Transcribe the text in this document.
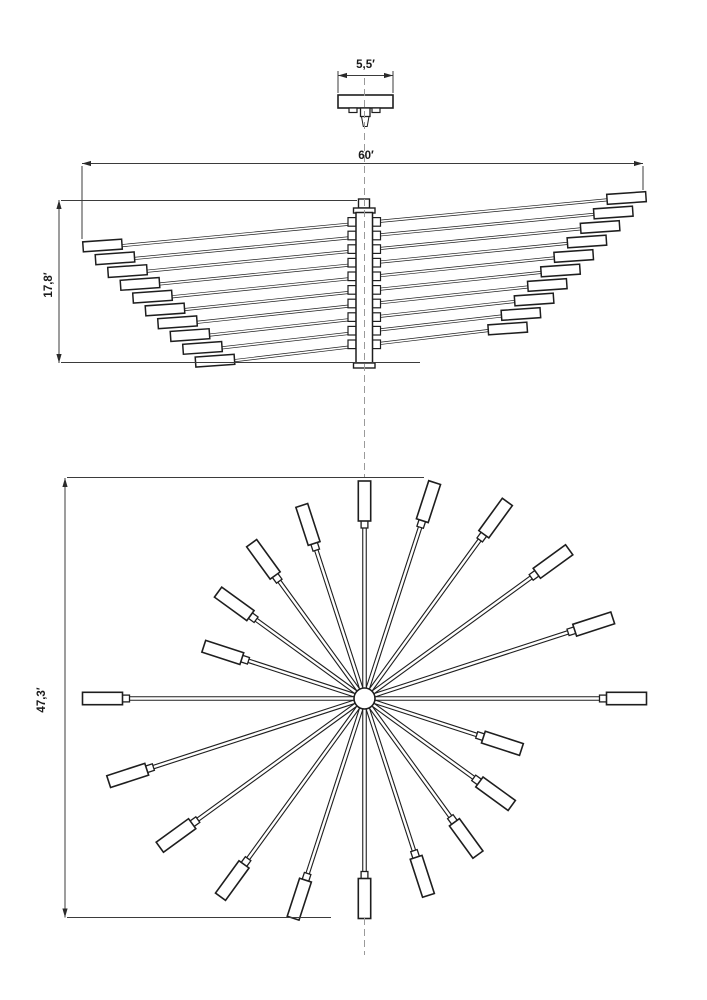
5,5′
60′
17,8′
47,3′
